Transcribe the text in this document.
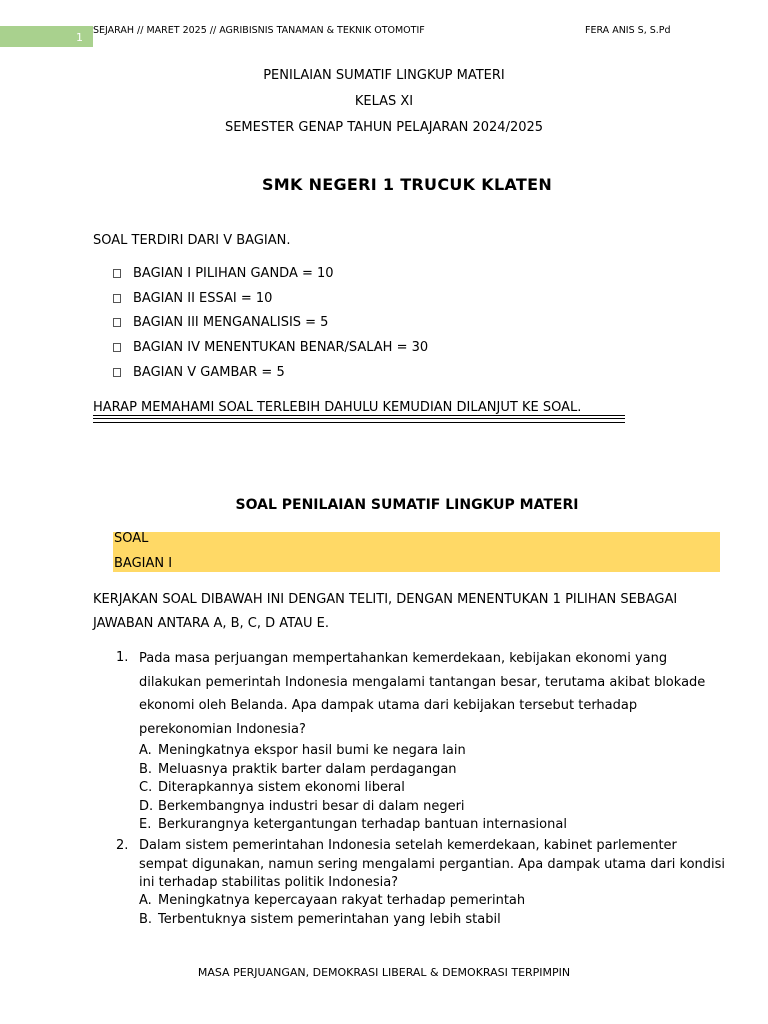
1
SEJARAH // MARET 2025 // AGRIBISNIS TANAMAN & TEKNIK OTOMOTIF	FERA ANIS S, S.Pd
PENILAIAN SUMATIF LINGKUP MATERI
KELAS XI
SEMESTER GENAP TAHUN PELAJARAN 2024/2025
SMK NEGERI 1 TRUCUK KLATEN
SOAL TERDIRI DARI V BAGIAN.
BAGIAN I PILIHAN GANDA = 10
BAGIAN II ESSAI = 10
BAGIAN III MENGANALISIS = 5
BAGIAN IV MENENTUKAN BENAR/SALAH = 30
BAGIAN V GAMBAR = 5
HARAP MEMAHAMI SOAL TERLEBIH DAHULU KEMUDIAN DILANJUT KE SOAL.
SOAL PENILAIAN SUMATIF LINGKUP MATERI
SOAL
BAGIAN I
KERJAKAN SOAL DIBAWAH INI DENGAN TELITI, DENGAN MENENTUKAN 1 PILIHAN SEBAGAI JAWABAN ANTARA A, B, C, D ATAU E.
1. Pada masa perjuangan mempertahankan kemerdekaan, kebijakan ekonomi yang dilakukan pemerintah Indonesia mengalami tantangan besar, terutama akibat blokade ekonomi oleh Belanda. Apa dampak utama dari kebijakan tersebut terhadap perekonomian Indonesia?
A. Meningkatnya ekspor hasil bumi ke negara lain
B. Meluasnya praktik barter dalam perdagangan
C. Diterapkannya sistem ekonomi liberal
D. Berkembangnya industri besar di dalam negeri
E. Berkurangnya ketergantungan terhadap bantuan internasional
2. Dalam sistem pemerintahan Indonesia setelah kemerdekaan, kabinet parlementer sempat digunakan, namun sering mengalami pergantian. Apa dampak utama dari kondisi ini terhadap stabilitas politik Indonesia?
A. Meningkatnya kepercayaan rakyat terhadap pemerintah
B. Terbentuknya sistem pemerintahan yang lebih stabil
MASA PERJUANGAN, DEMOKRASI LIBERAL & DEMOKRASI TERPIMPIN
